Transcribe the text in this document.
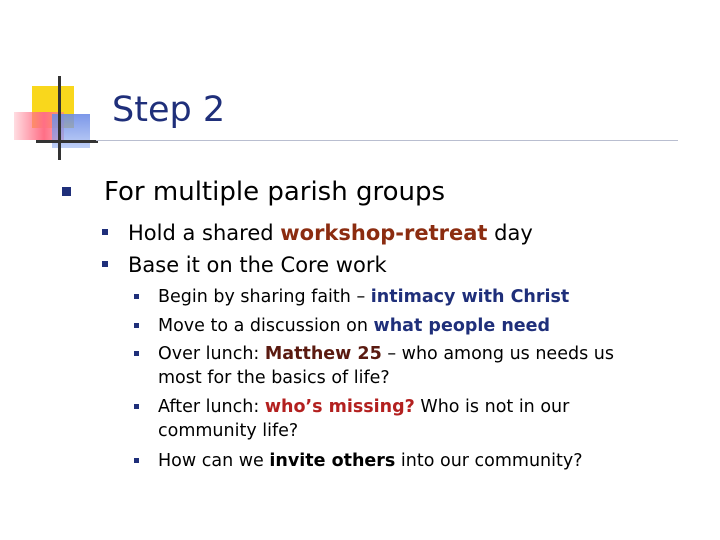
Step 2
For multiple parish groups
Hold a shared workshop-retreat day
Base it on the Core work
Begin by sharing faith – intimacy with Christ
Move to a discussion on what people need
Over lunch: Matthew 25 – who among us needs us most for the basics of life?
After lunch: who’s missing? Who is not in our community life?
How can we invite others into our community?
